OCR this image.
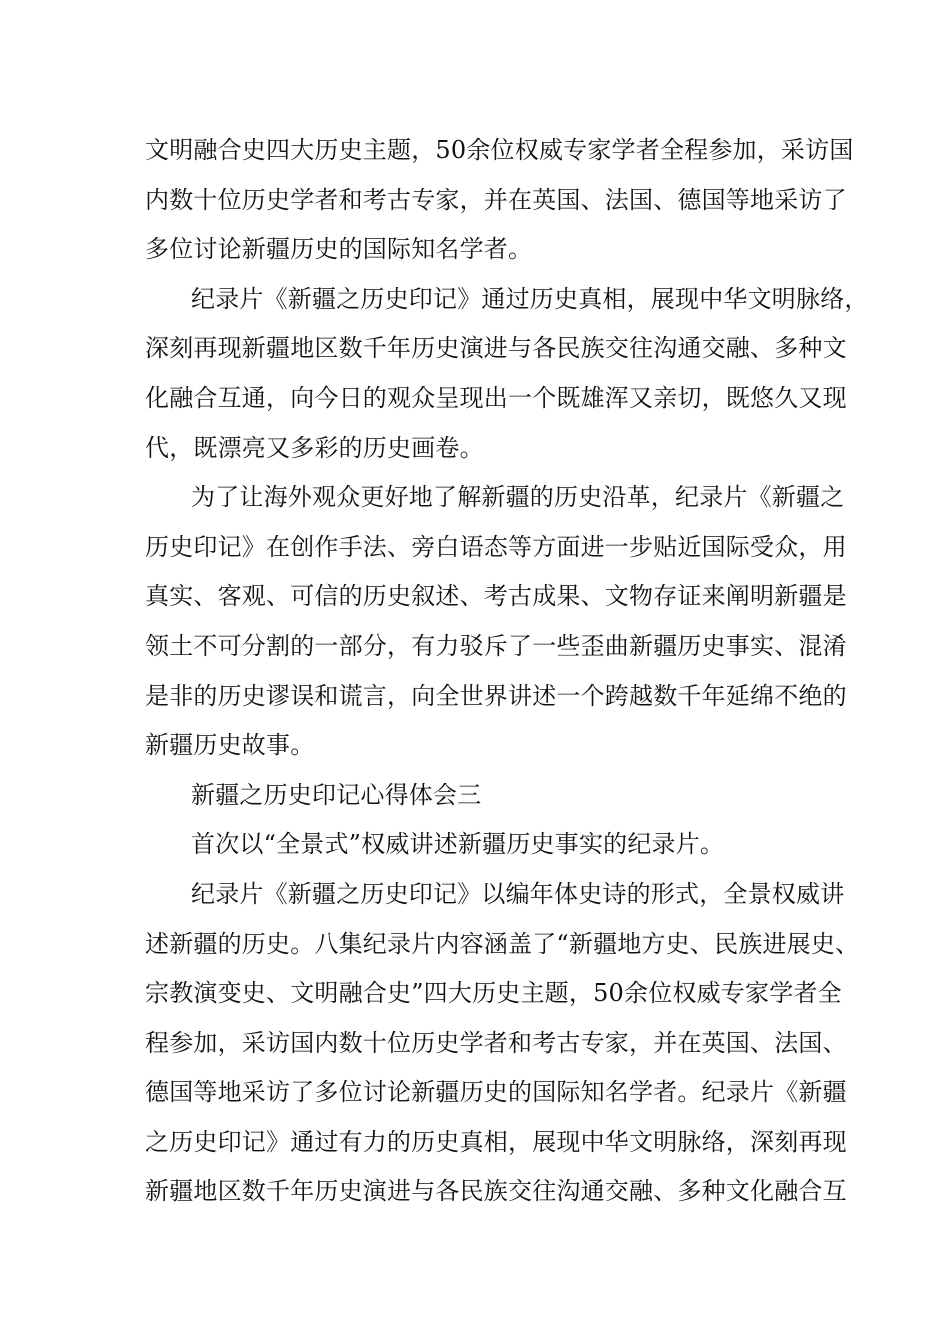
文明融合史四大历史主题，50余位权威专家学者全程参加，采访国
内数十位历史学者和考古专家，并在英国、法国、德国等地采访了
多位讨论新疆历史的国际知名学者。
纪录片《新疆之历史印记》通过历史真相，展现中华文明脉络，
深刻再现新疆地区数千年历史演进与各民族交往沟通交融、多种文
化融合互通，向今日的观众呈现出一个既雄浑又亲切，既悠久又现
代，既漂亮又多彩的历史画卷。
为了让海外观众更好地了解新疆的历史沿革，纪录片《新疆之
历史印记》在创作手法、旁白语态等方面进一步贴近国际受众，用
真实、客观、可信的历史叙述、考古成果、文物存证来阐明新疆是
领土不可分割的一部分，有力驳斥了一些歪曲新疆历史事实、混淆
是非的历史谬误和谎言，向全世界讲述一个跨越数千年延绵不绝的
新疆历史故事。
新疆之历史印记心得体会三
首次以“全景式”权威讲述新疆历史事实的纪录片。
纪录片《新疆之历史印记》以编年体史诗的形式，全景权威讲
述新疆的历史。八集纪录片内容涵盖了“新疆地方史、民族进展史、
宗教演变史、文明融合史”四大历史主题，50余位权威专家学者全
程参加，采访国内数十位历史学者和考古专家，并在英国、法国、
德国等地采访了多位讨论新疆历史的国际知名学者。纪录片《新疆
之历史印记》通过有力的历史真相，展现中华文明脉络，深刻再现
新疆地区数千年历史演进与各民族交往沟通交融、多种文化融合互
